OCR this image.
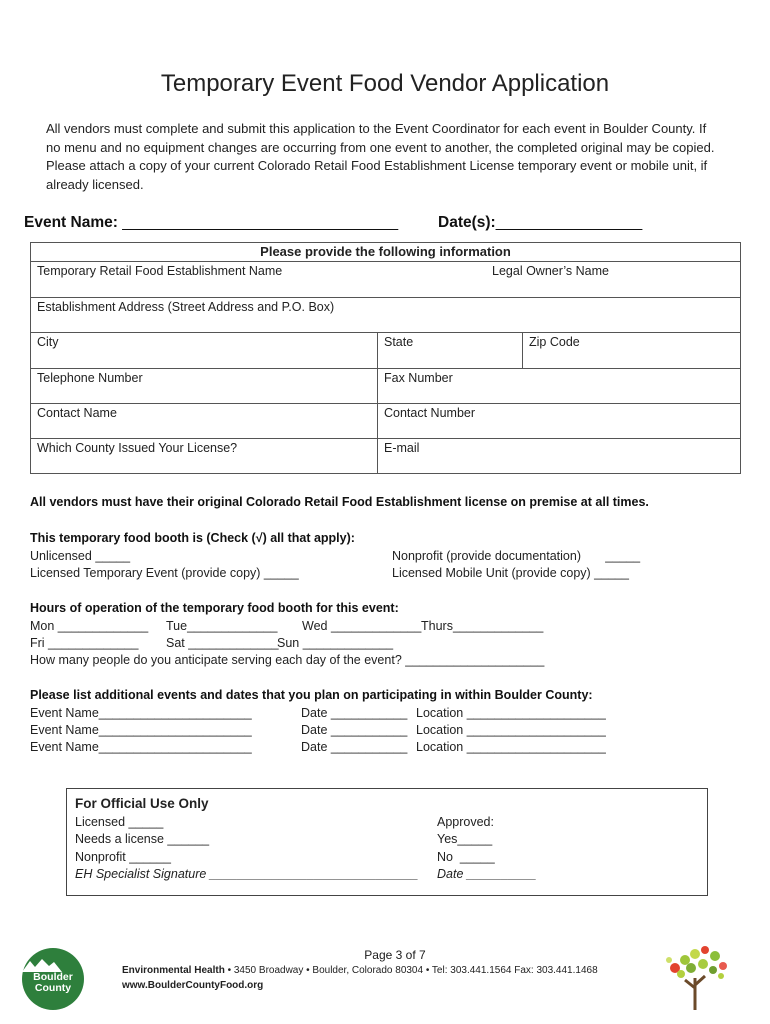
Temporary Event Food Vendor Application
All vendors must complete and submit this application to the Event Coordinator for each event in Boulder County. If no menu and no equipment changes are occurring from one event to another, the completed original may be copied. Please attach a copy of your current Colorado Retail Food Establishment License temporary event or mobile unit, if already licensed.
Event Name: ________________________________	Date(s):_________________
Please provide the following information		

Temporary Retail Food Establishment Name Legal Owner’s Name		

Establishment Address (Street Address and P.O. Box)		
City	State	Zip Code
Telephone Number	Fax Number	
Contact Name	Contact Number	
Which County Issued Your License?	E-mail	
All vendors must have their original Colorado Retail Food Establishment license on premise at all times.
This temporary food booth is (Check (√) all that apply):
Unlicensed _____
Licensed Temporary Event (provide copy) _____
Nonprofit (provide documentation)       _____
Licensed Mobile Unit (provide copy) _____
Hours of operation of the temporary food booth for this event:
Mon _____________ Tue_____________ Wed _____________ Thurs_____________
Fri _____________ Sat _____________
Sun _____________
How many people do you anticipate serving each day of the event? ____________________
Please list additional events and dates that you plan on participating in within Boulder County:
Event Name______________________	Date ___________ Location ____________________
Event Name______________________	Date ___________ Location ____________________
Event Name______________________	Date ___________ Location ____________________
For Official Use Only
Licensed _____
Needs a license ______
Nonprofit ______
EH Specialist Signature ______________________________
Approved:
Yes_____
No  _____
Date __________
Page 3 of 7
Environmental Health • 3450 Broadway • Boulder, Colorado 80304 • Tel: 303.441.1564 Fax: 303.441.1468
www.BoulderCountyFood.org
Boulder
County
